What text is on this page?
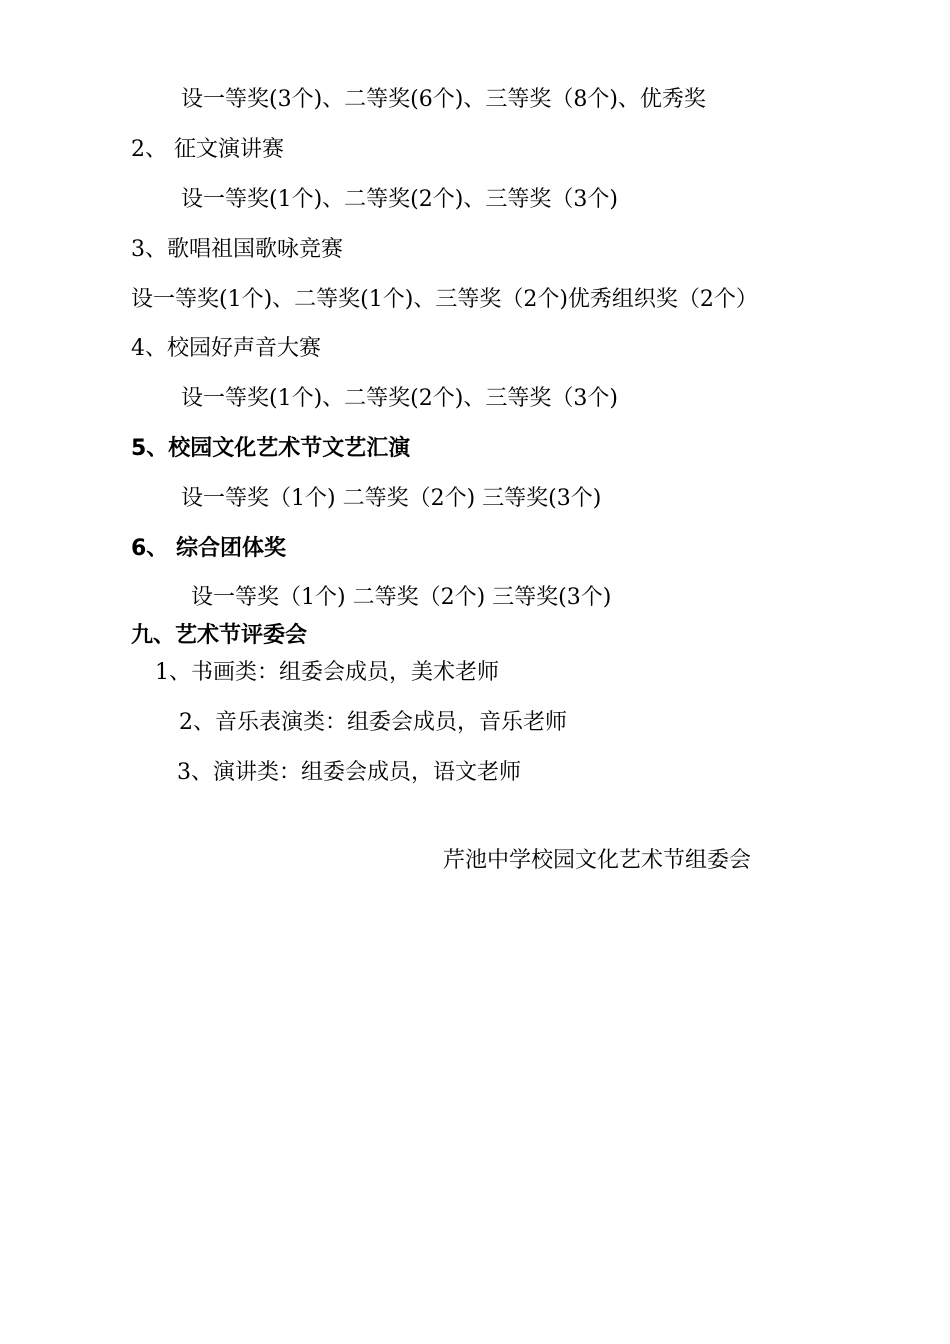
设一等奖(3个)、二等奖(6个)、三等奖（8个)、优秀奖
2、 征文演讲赛
设一等奖(1个)、二等奖(2个)、三等奖（3个)
3、歌唱祖国歌咏竞赛
设一等奖(1个)、二等奖(1个)、三等奖（2个)优秀组织奖（2个）
4、校园好声音大赛
设一等奖(1个)、二等奖(2个)、三等奖（3个)
5、校园文化艺术节文艺汇演
设一等奖（1个) 二等奖（2个) 三等奖(3个)
6、 综合团体奖
设一等奖（1个) 二等奖（2个) 三等奖(3个)
九、艺术节评委会
1、书画类：组委会成员，美术老师
2、音乐表演类：组委会成员，音乐老师
3、演讲类：组委会成员，语文老师
芹池中学校园文化艺术节组委会
